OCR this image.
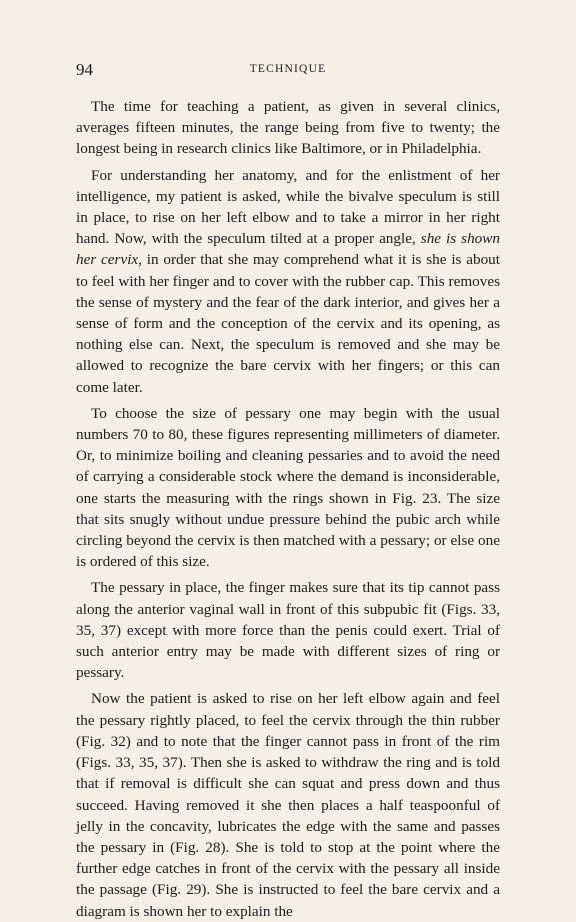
94	TECHNIQUE

The time for teaching a patient, as given in several clinics, averages fifteen minutes, the range being from five to twenty; the longest being in research clinics like Baltimore, or in Philadelphia.

For understanding her anatomy, and for the enlistment of her intelligence, my patient is asked, while the bivalve speculum is still in place, to rise on her left elbow and to take a mirror in her right hand. Now, with the speculum tilted at a proper angle, she is shown her cervix, in order that she may comprehend what it is she is about to feel with her finger and to cover with the rubber cap. This removes the sense of mystery and the fear of the dark interior, and gives her a sense of form and the conception of the cervix and its opening, as nothing else can. Next, the speculum is removed and she may be allowed to recognize the bare cervix with her fingers; or this can come later.

To choose the size of pessary one may begin with the usual numbers 70 to 80, these figures representing millimeters of diameter. Or, to minimize boiling and cleaning pessaries and to avoid the need of carrying a considerable stock where the demand is inconsiderable, one starts the measuring with the rings shown in Fig. 23. The size that sits snugly without undue pressure behind the pubic arch while circling beyond the cervix is then matched with a pessary; or else one is ordered of this size.

The pessary in place, the finger makes sure that its tip cannot pass along the anterior vaginal wall in front of this subpubic fit (Figs. 33, 35, 37) except with more force than the penis could exert. Trial of such anterior entry may be made with different sizes of ring or pessary.

Now the patient is asked to rise on her left elbow again and feel the pessary rightly placed, to feel the cervix through the thin rubber (Fig. 32) and to note that the finger cannot pass in front of the rim (Figs. 33, 35, 37). Then she is asked to withdraw the ring and is told that if removal is difficult she can squat and press down and thus succeed. Having removed it she then places a half teaspoonful of jelly in the concavity, lubricates the edge with the same and passes the pessary in (Fig. 28). She is told to stop at the point where the further edge catches in front of the cervix with the pessary all inside the passage (Fig. 29). She is instructed to feel the bare cervix and a diagram is shown her to explain the
